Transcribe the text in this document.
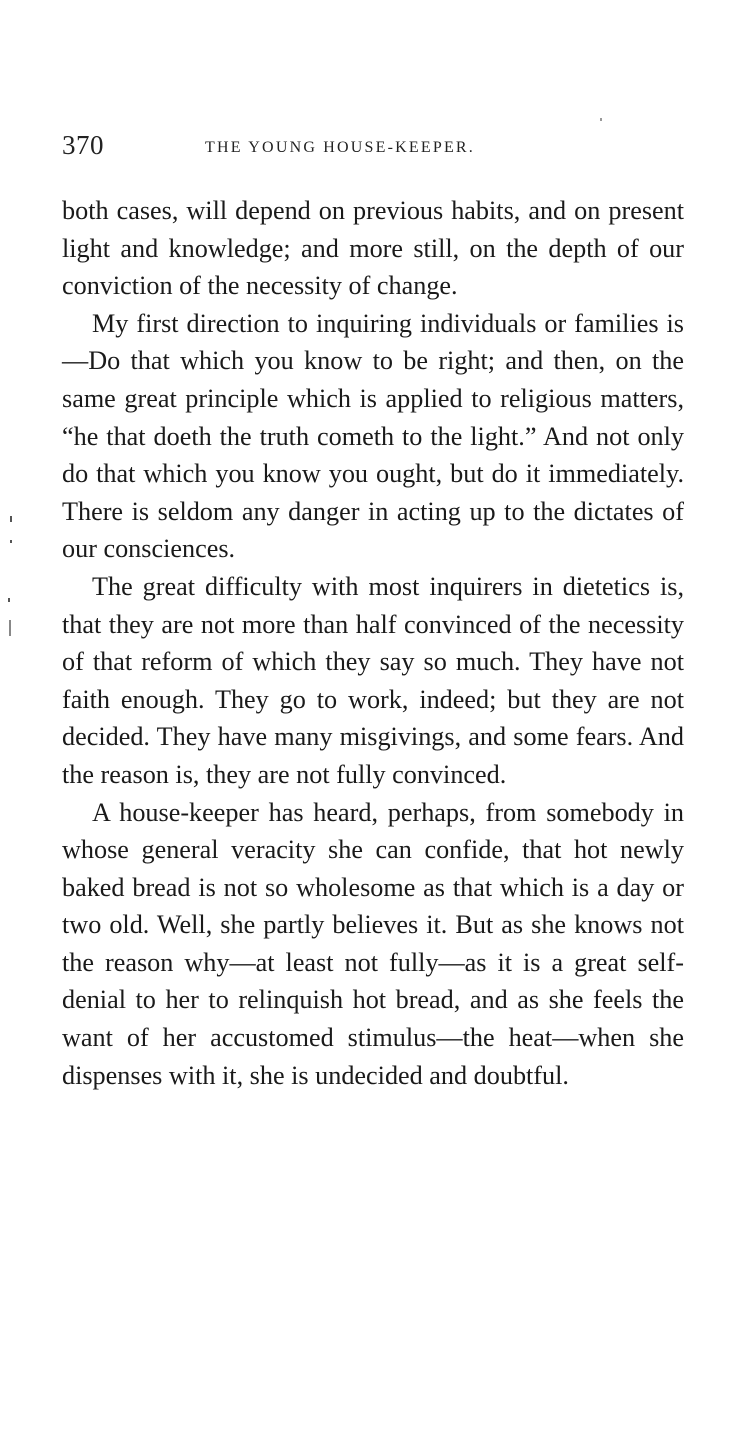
370	THE YOUNG HOUSE-KEEPER.

both cases, will depend on previous habits, and on present light and knowledge; and more still, on the depth of our conviction of the necessity of change.

My first direction to inquiring individuals or families is—Do that which you know to be right; and then, on the same great principle which is applied to religious matters, “he that doeth the truth cometh to the light.” And not only do that which you know you ought, but do it immediately. There is seldom any danger in acting up to the dictates of our consciences.

The great difficulty with most inquirers in dietetics is, that they are not more than half convinced of the necessity of that reform of which they say so much. They have not faith enough. They go to work, indeed; but they are not decided. They have many misgivings, and some fears. And the reason is, they are not fully convinced.

A house-keeper has heard, perhaps, from somebody in whose general veracity she can confide, that hot newly baked bread is not so wholesome as that which is a day or two old. Well, she partly believes it. But as she knows not the reason why—at least not fully—as it is a great self-denial to her to relinquish hot bread, and as she feels the want of her accustomed stimulus—the heat—when she dispenses with it, she is undecided and doubtful.
